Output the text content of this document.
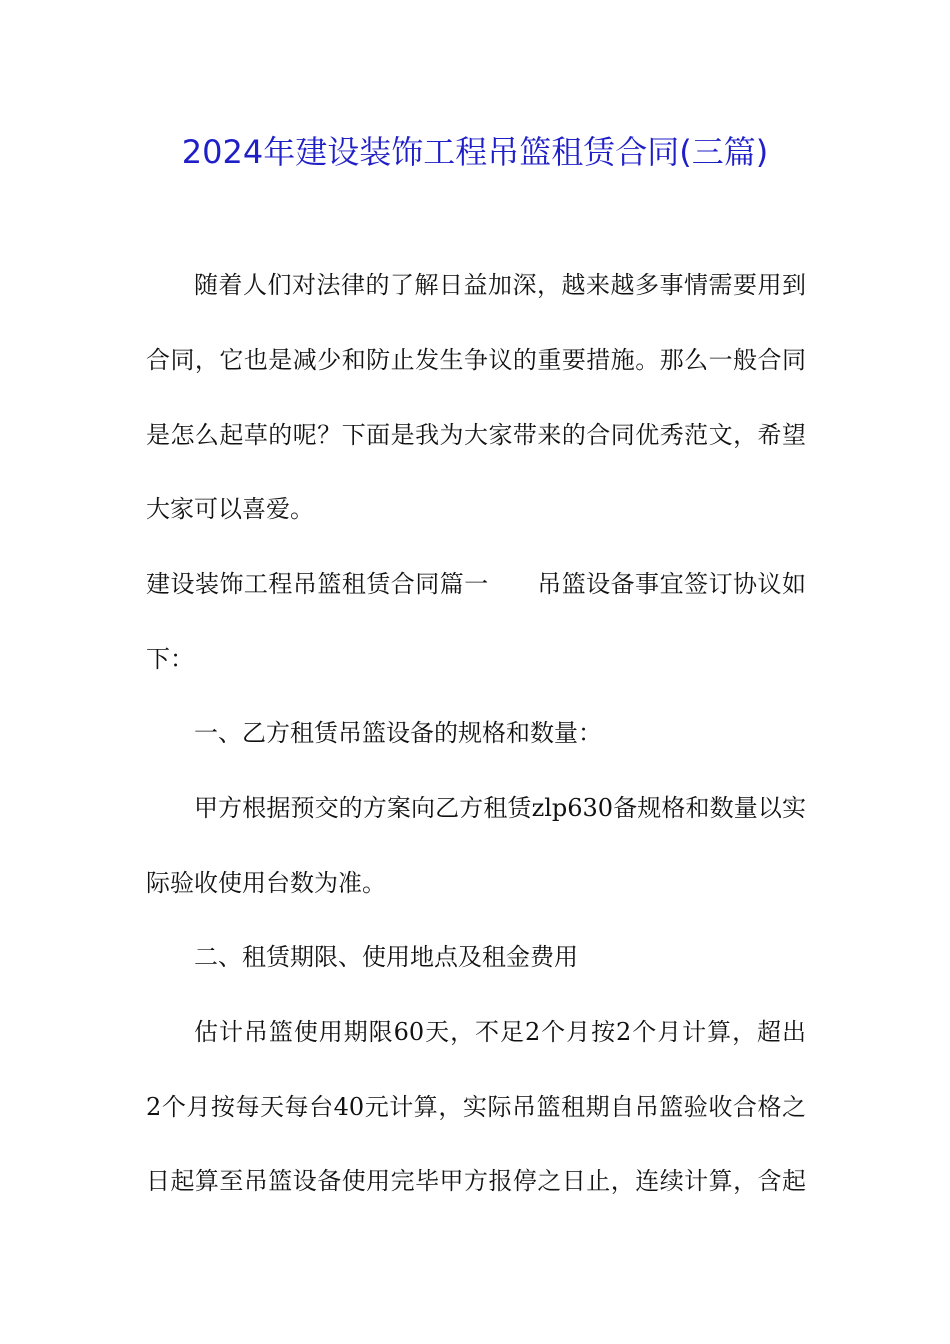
2024年建设装饰工程吊篮租赁合同(三篇)

随着人们对法律的了解日益加深，越来越多事情需要用到

合同，它也是减少和防止发生争议的重要措施。那么一般合同

是怎么起草的呢？下面是我为大家带来的合同优秀范文，希望

大家可以喜爱。

建设装饰工程吊篮租赁合同篇一 吊篮设备事宜签订协议如

下：

一、乙方租赁吊篮设备的规格和数量：

甲方根据预交的方案向乙方租赁zlp630备规格和数量以实

际验收使用台数为准。

二、租赁期限、使用地点及租金费用

估计吊篮使用期限60天，不足2个月按2个月计算，超出

2个月按每天每台40元计算，实际吊篮租期自吊篮验收合格之

日起算至吊篮设备使用完毕甲方报停之日止，连续计算，含起
